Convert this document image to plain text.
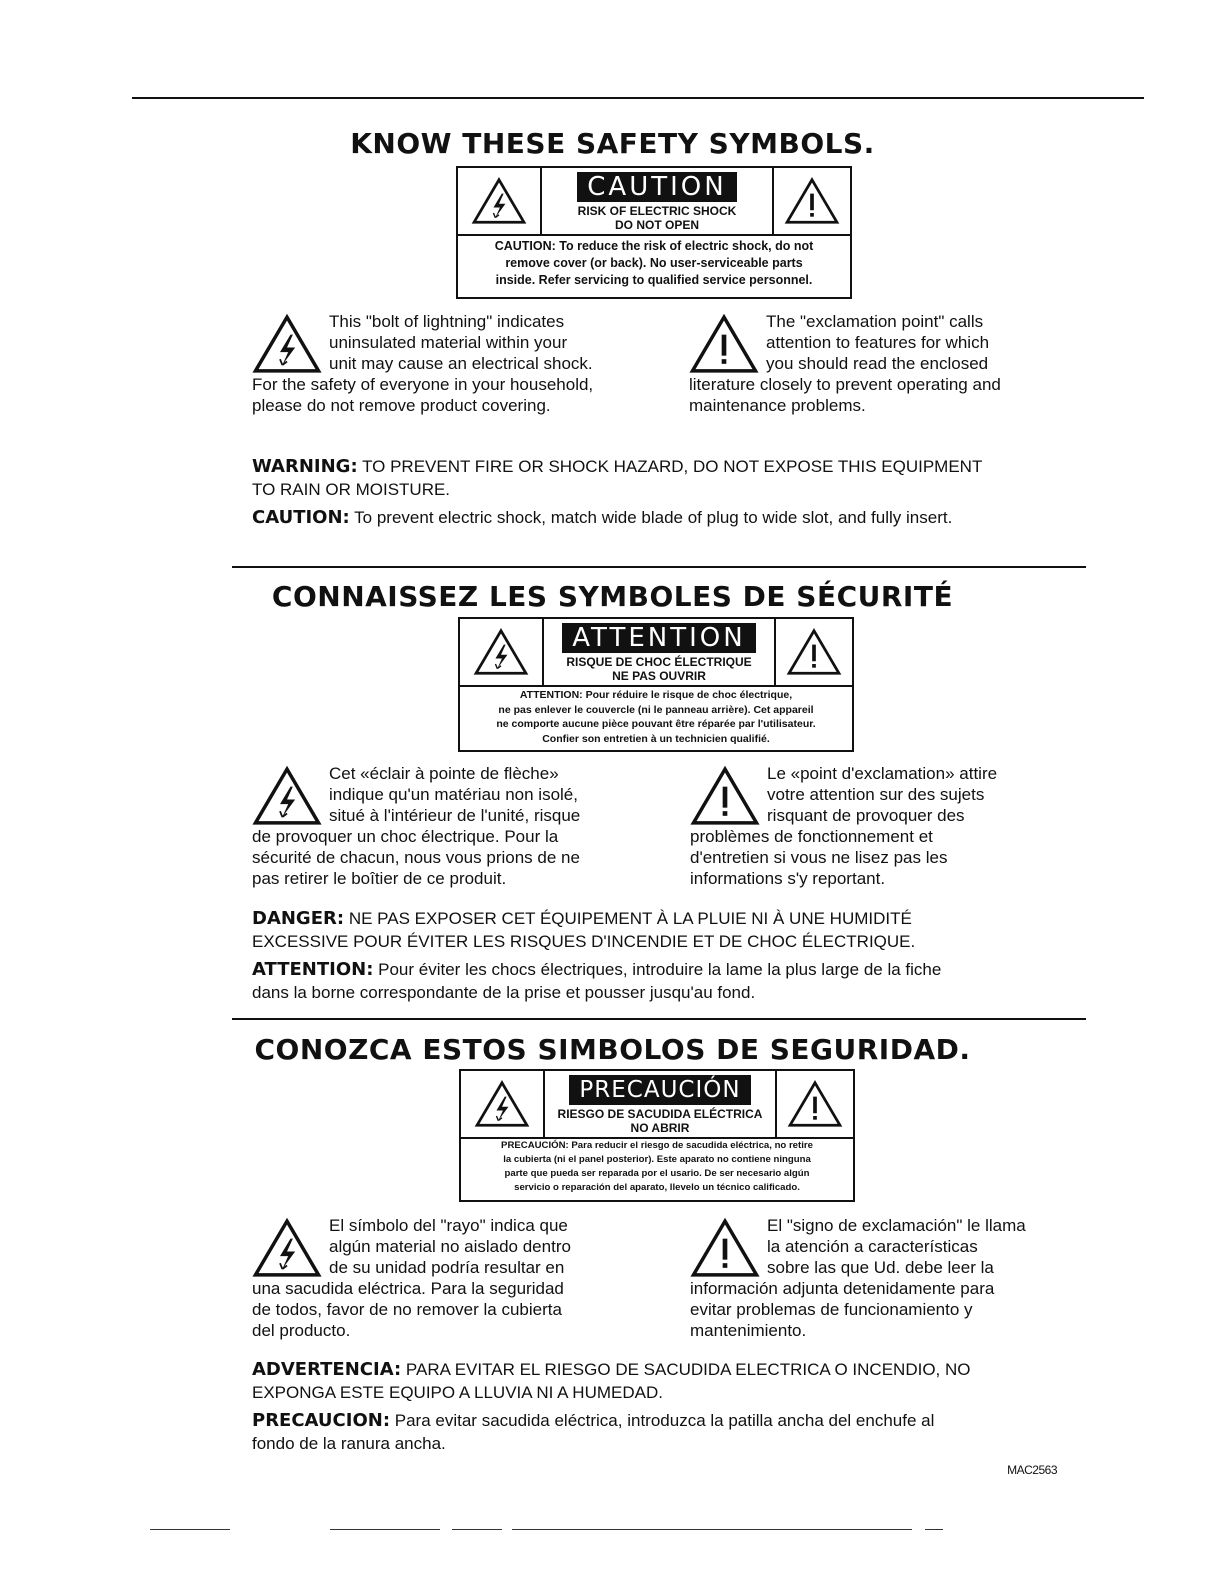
KNOW THESE SAFETY SYMBOLS.
CAUTION
RISK OF ELECTRIC SHOCK
DO NOT OPEN
CAUTION: To reduce the risk of electric shock, do not
remove cover (or back). No user-serviceable parts
inside. Refer servicing to qualified service personnel.
This "bolt of lightning" indicates
uninsulated material within your
unit may cause an electrical shock.
For the safety of everyone in your household,
please do not remove product covering.
The "exclamation point" calls
attention to features for which
you should read the enclosed
literature closely to prevent operating and
maintenance problems.
WARNING: TO PREVENT FIRE OR SHOCK HAZARD, DO NOT EXPOSE THIS EQUIPMENT
TO RAIN OR MOISTURE.
CAUTION: To prevent electric shock, match wide blade of plug to wide slot, and fully insert.
CONNAISSEZ LES SYMBOLES DE SÉCURITÉ
ATTENTION
RISQUE DE CHOC ÉLECTRIQUE
NE PAS OUVRIR
ATTENTION: Pour réduire le risque de choc électrique,
ne pas enlever le couvercle (ni le panneau arrière). Cet appareil
ne comporte aucune pièce pouvant être réparée par l'utilisateur.
Confier son entretien à un technicien qualifié.
Cet «éclair à pointe de flèche»
indique qu'un matériau non isolé,
situé à l'intérieur de l'unité, risque
de provoquer un choc électrique. Pour la
sécurité de chacun, nous vous prions de ne
pas retirer le boîtier de ce produit.
Le «point d'exclamation» attire
votre attention sur des sujets
risquant de provoquer des
problèmes de fonctionnement et
d'entretien si vous ne lisez pas les
informations s'y reportant.
DANGER: NE PAS EXPOSER CET ÉQUIPEMENT À LA PLUIE NI À UNE HUMIDITÉ
EXCESSIVE POUR ÉVITER LES RISQUES D'INCENDIE ET DE CHOC ÉLECTRIQUE.
ATTENTION: Pour éviter les chocs électriques, introduire la lame la plus large de la fiche
dans la borne correspondante de la prise et pousser jusqu'au fond.
CONOZCA ESTOS SIMBOLOS DE SEGURIDAD.
PRECAUCIÓN
RIESGO DE SACUDIDA ELÉCTRICA
NO ABRIR
PRECAUCIÓN: Para reducir el riesgo de sacudida eléctrica, no retire
la cubierta (ni el panel posterior). Este aparato no contiene ninguna
parte que pueda ser reparada por el usario. De ser necesario algún
servicio o reparación del aparato, llevelo un técnico calificado.
El símbolo del "rayo" indica que
algún material no aislado dentro
de su unidad podría resultar en
una sacudida eléctrica. Para la seguridad
de todos, favor de no remover la cubierta
del producto.
El "signo de exclamación" le llama
la atención a características
sobre las que Ud. debe leer la
información adjunta detenidamente para
evitar problemas de funcionamiento y
mantenimiento.
ADVERTENCIA: PARA EVITAR EL RIESGO DE SACUDIDA ELECTRICA O INCENDIO, NO
EXPONGA ESTE EQUIPO A LLUVIA NI A HUMEDAD.
PRECAUCION: Para evitar sacudida eléctrica, introduzca la patilla ancha del enchufe al
fondo de la ranura ancha.
MAC2563
